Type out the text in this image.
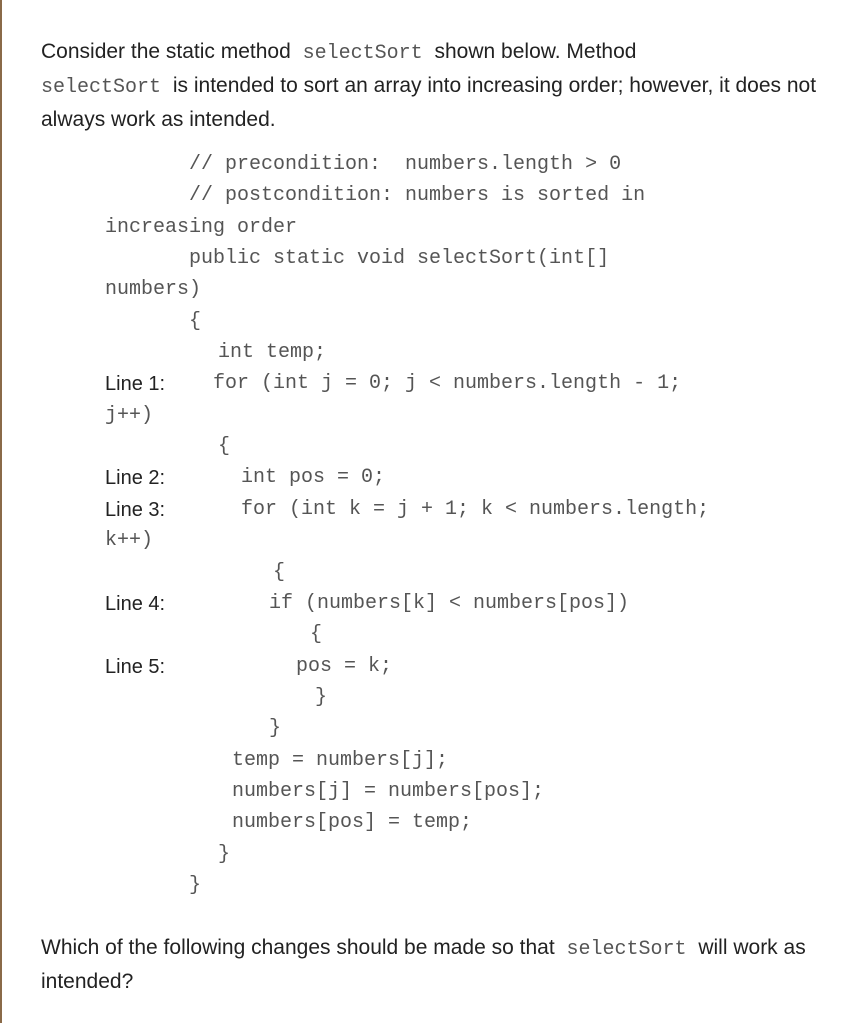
Consider the static method selectSort shown below. Method
selectSort is intended to sort an array into increasing order; however, it does not always work as intended.
// precondition:  numbers.length > 0
// postcondition: numbers is sorted in
increasing order
public static void selectSort(int[]
numbers)
{
int temp;
Line 1: for (int j = 0; j < numbers.length - 1;
j++)
{
Line 2:	int pos = 0;
Line 3:	for (int k = j + 1; k < numbers.length;
k++)
{
Line 4:	if (numbers[k] < numbers[pos])
{
Line 5:	pos = k;
}
}
temp = numbers[j];
numbers[j] = numbers[pos];
numbers[pos] = temp;
}
}
Which of the following changes should be made so that selectSort will work as intended?
